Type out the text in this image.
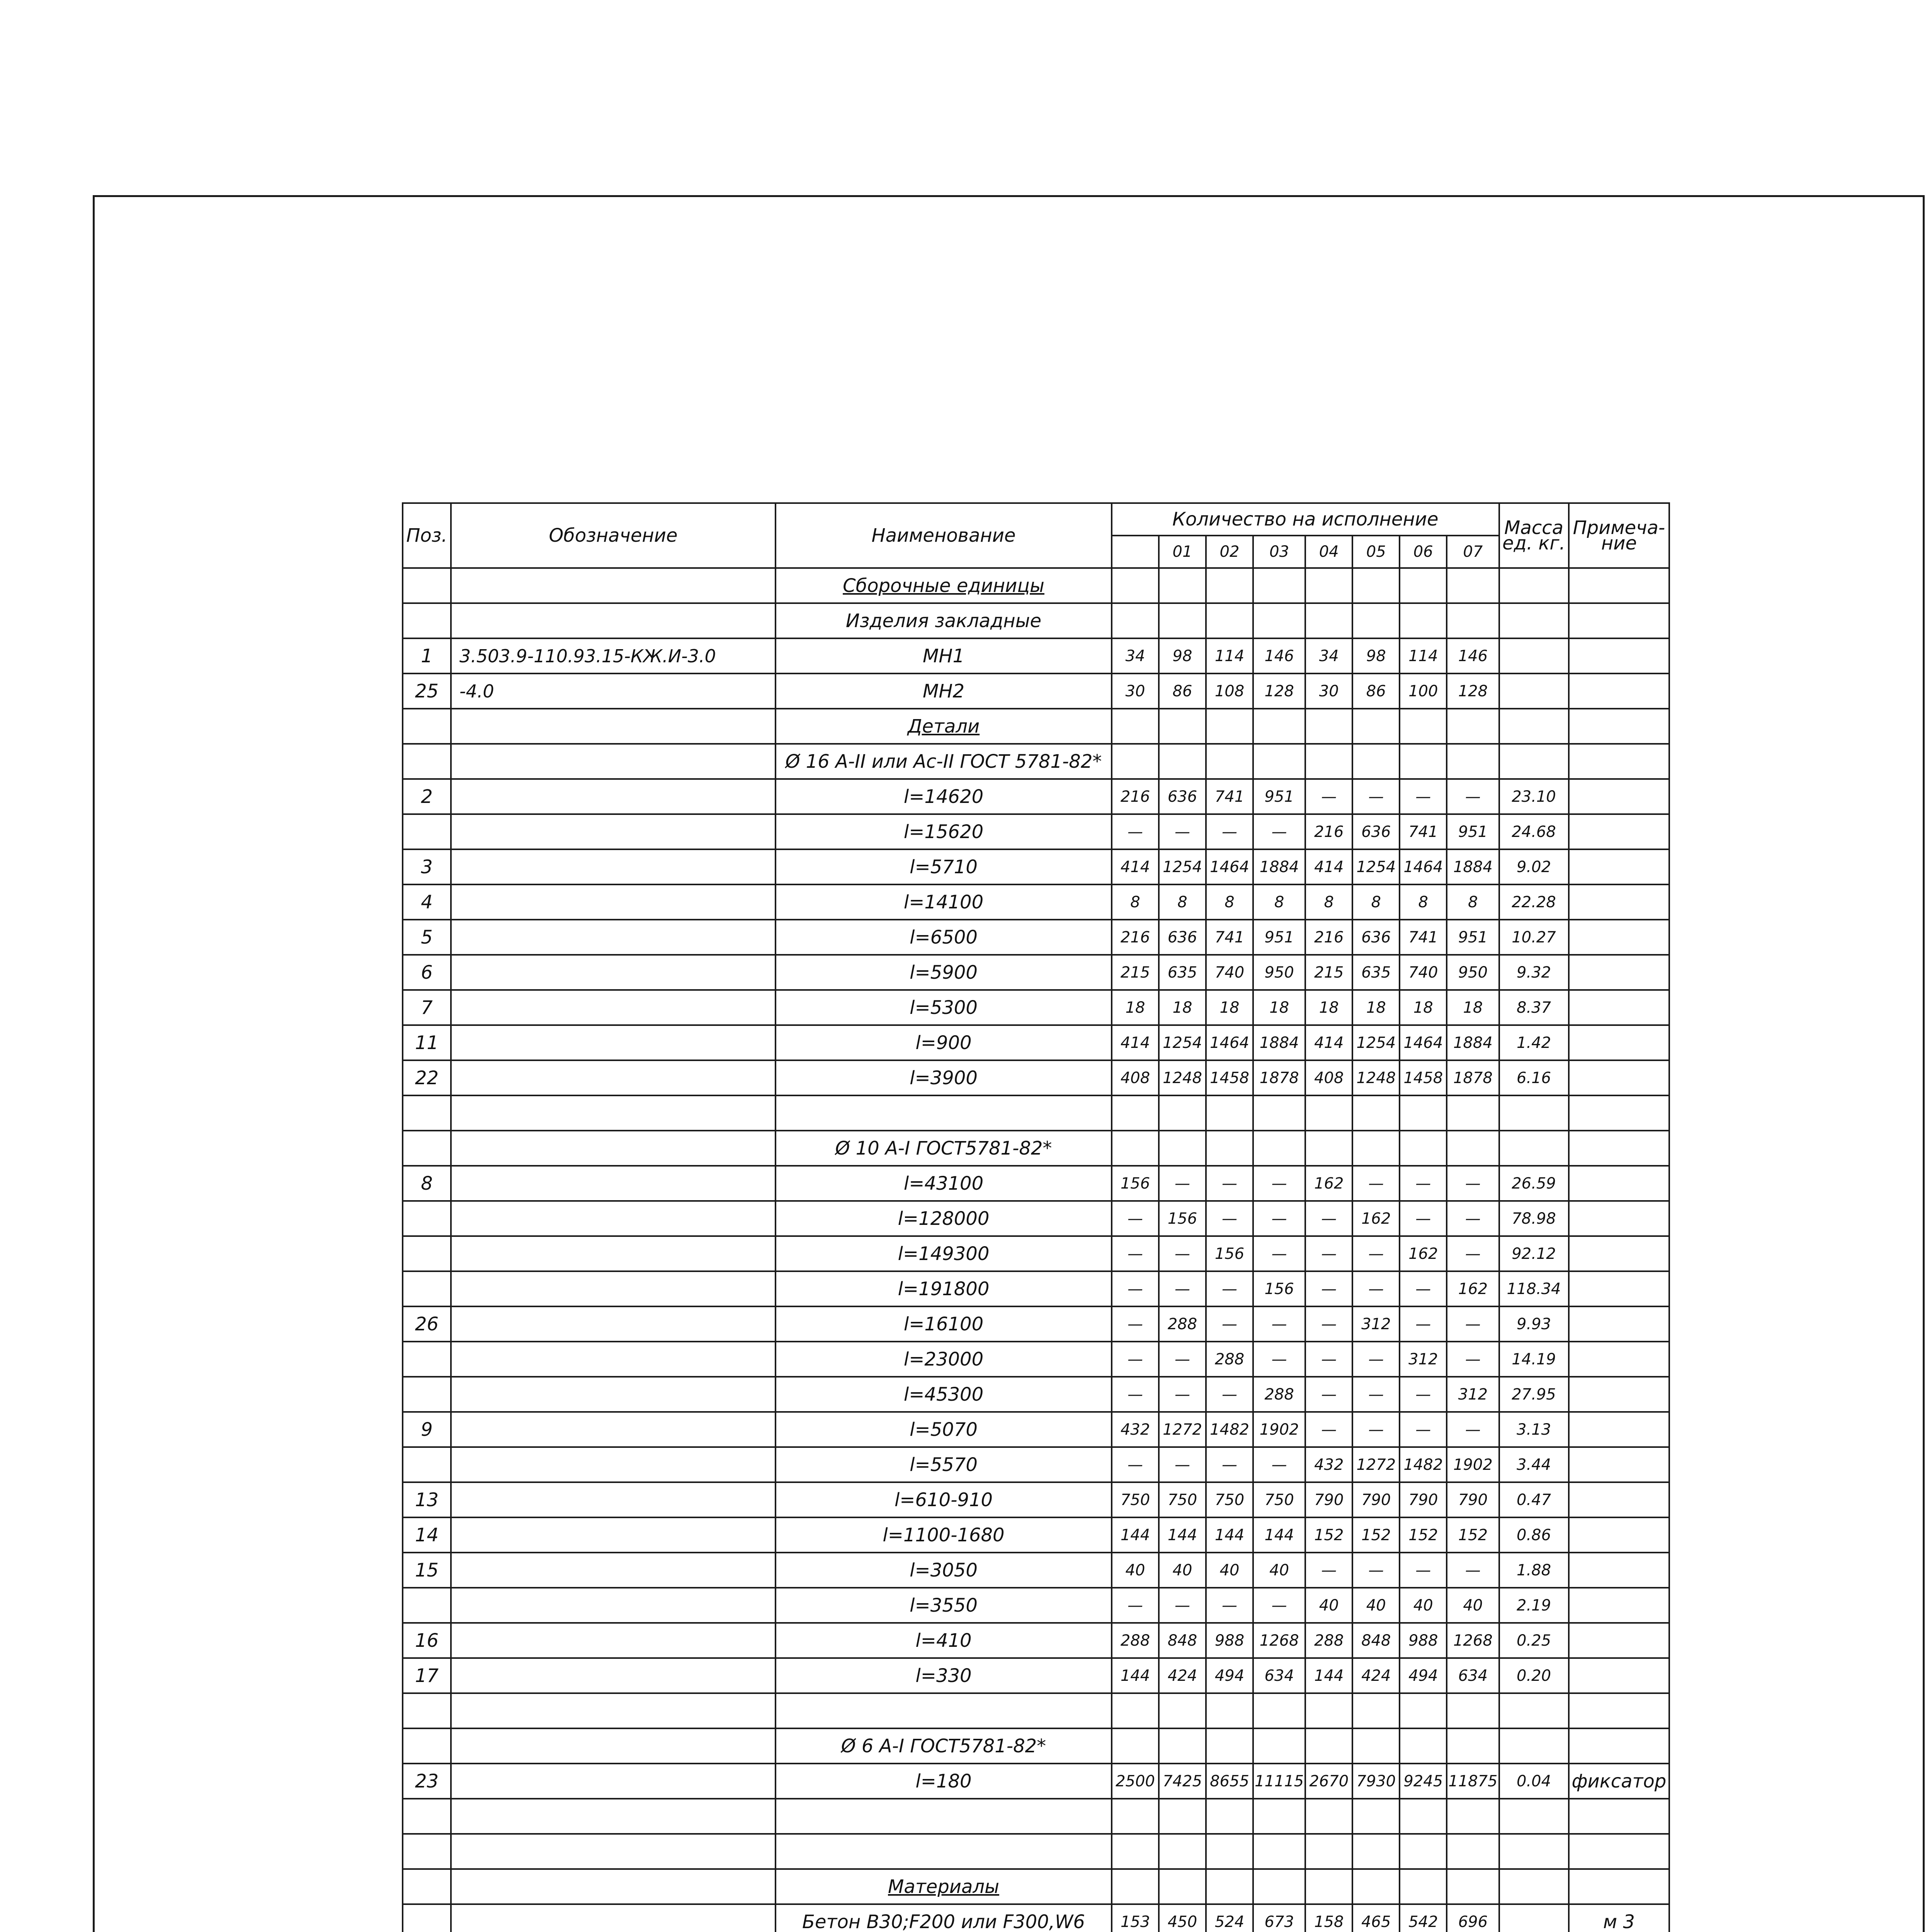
Поз.	Обозначение	Наименование	Количество на исполнение								Масса ед. кг.	Примеча- ние
				01	02	03	04	05	06	07		
		Сборочные единицы										
		Изделия закладные										
1	3.503.9-110.93.15-КЖ.И-3.0	МН1	34	98	114	146	34	98	114	146		
25	-4.0	МН2	30	86	108	128	30	86	100	128		
		Детали										
		Ø 16 A-II или Ac-II ГОСТ 5781-82*										
2		l=14620	216	636	741	951	—	—	—	—	23.10	
		l=15620	—	—	—	—	216	636	741	951	24.68	
3		l=5710	414	1254	1464	1884	414	1254	1464	1884	9.02	
4		l=14100	8	8	8	8	8	8	8	8	22.28	
5		l=6500	216	636	741	951	216	636	741	951	10.27	
6		l=5900	215	635	740	950	215	635	740	950	9.32	
7		l=5300	18	18	18	18	18	18	18	18	8.37	
11		l=900	414	1254	1464	1884	414	1254	1464	1884	1.42	
22		l=3900	408	1248	1458	1878	408	1248	1458	1878	6.16	

		Ø 10 A-I ГОСТ5781-82*										
8		l=43100	156	—	—	—	162	—	—	—	26.59	
		l=128000	—	156	—	—	—	162	—	—	78.98	
		l=149300	—	—	156	—	—	—	162	—	92.12	
		l=191800	—	—	—	156	—	—	—	162	118.34	
26		l=16100	—	288	—	—	—	312	—	—	9.93	
		l=23000	—	—	288	—	—	—	312	—	14.19	
		l=45300	—	—	—	288	—	—	—	312	27.95	
9		l=5070	432	1272	1482	1902	—	—	—	—	3.13	
		l=5570	—	—	—	—	432	1272	1482	1902	3.44	
13		l=610-910	750	750	750	750	790	790	790	790	0.47	
14		l=1100-1680	144	144	144	144	152	152	152	152	0.86	
15		l=3050	40	40	40	40	—	—	—	—	1.88	
		l=3550	—	—	—	—	40	40	40	40	2.19	
16		l=410	288	848	988	1268	288	848	988	1268	0.25	
17		l=330	144	424	494	634	144	424	494	634	0.20	

		Ø 6 A-I ГОСТ5781-82*										
23		l=180	2500	7425	8655	11115	2670	7930	9245	11875	0.04	фиксатор

		Материалы										
		Бетон В30;F200 или F300,W6	153	450	524	673	158	465	542	696		м 3
